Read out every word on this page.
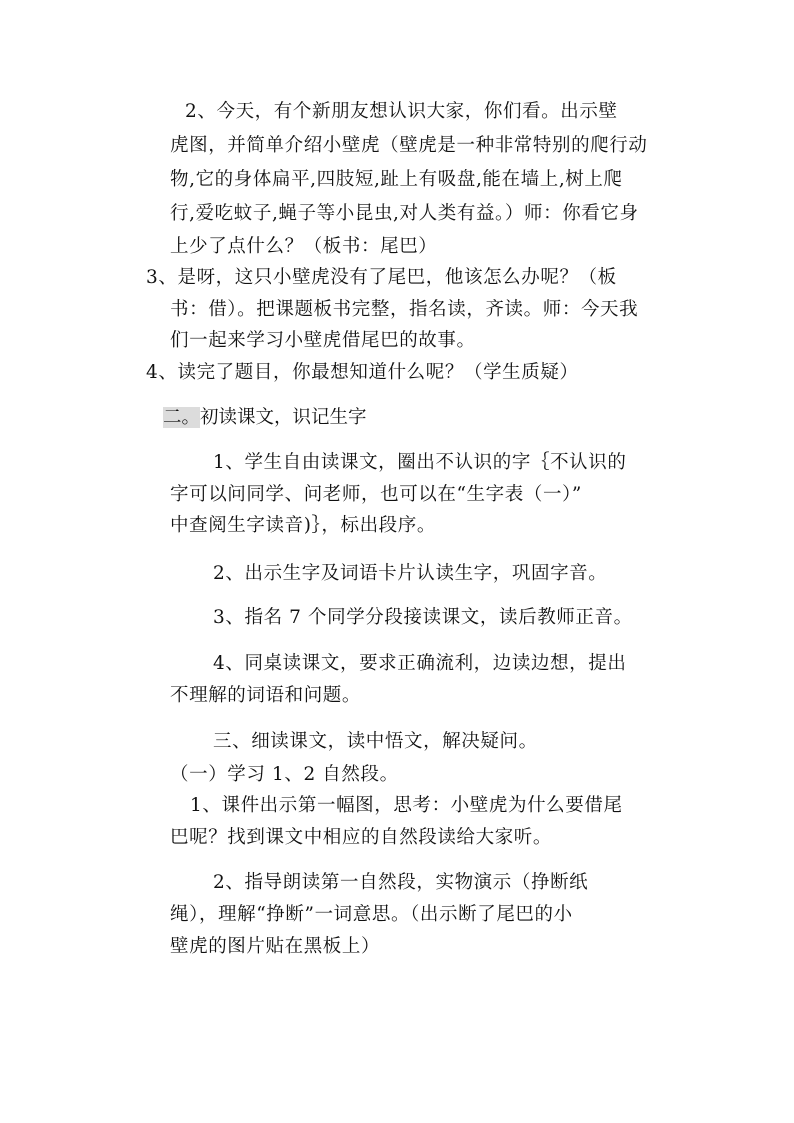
2、今天，有个新朋友想认识大家，你们看。出示壁

虎图，并简单介绍小壁虎（壁虎是一种非常特别的爬行动

物,它的身体扁平,四肢短,趾上有吸盘,能在墙上,树上爬

行,爱吃蚊子,蝇子等小昆虫,对人类有益。）师：你看它身

上少了点什么？（板书：尾巴）

3、是呀，这只小壁虎没有了尾巴，他该怎么办呢？（板

书：借）。把课题板书完整，指名读，齐读。师：今天我

们一起来学习小壁虎借尾巴的故事。

4、读完了题目，你最想知道什么呢？（学生质疑）

二。初读课文，识记生字

1、学生自由读课文，圈出不认识的字｛不认识的

字可以问同学、问老师，也可以在“生字表（一）”

中查阅生字读音)｝，标出段序。

2、出示生字及词语卡片认读生字，巩固字音。

3、指名 7 个同学分段接读课文，读后教师正音。

4、同桌读课文，要求正确流利，边读边想，提出

不理解的词语和问题。

三、细读课文，读中悟文，解决疑问。

（一）学习 1、2 自然段。

1、课件出示第一幅图，思考：小壁虎为什么要借尾

巴呢？找到课文中相应的自然段读给大家听。

2、指导朗读第一自然段，实物演示（挣断纸

绳），理解“挣断”一词意思。（出示断了尾巴的小

壁虎的图片贴在黑板上）
